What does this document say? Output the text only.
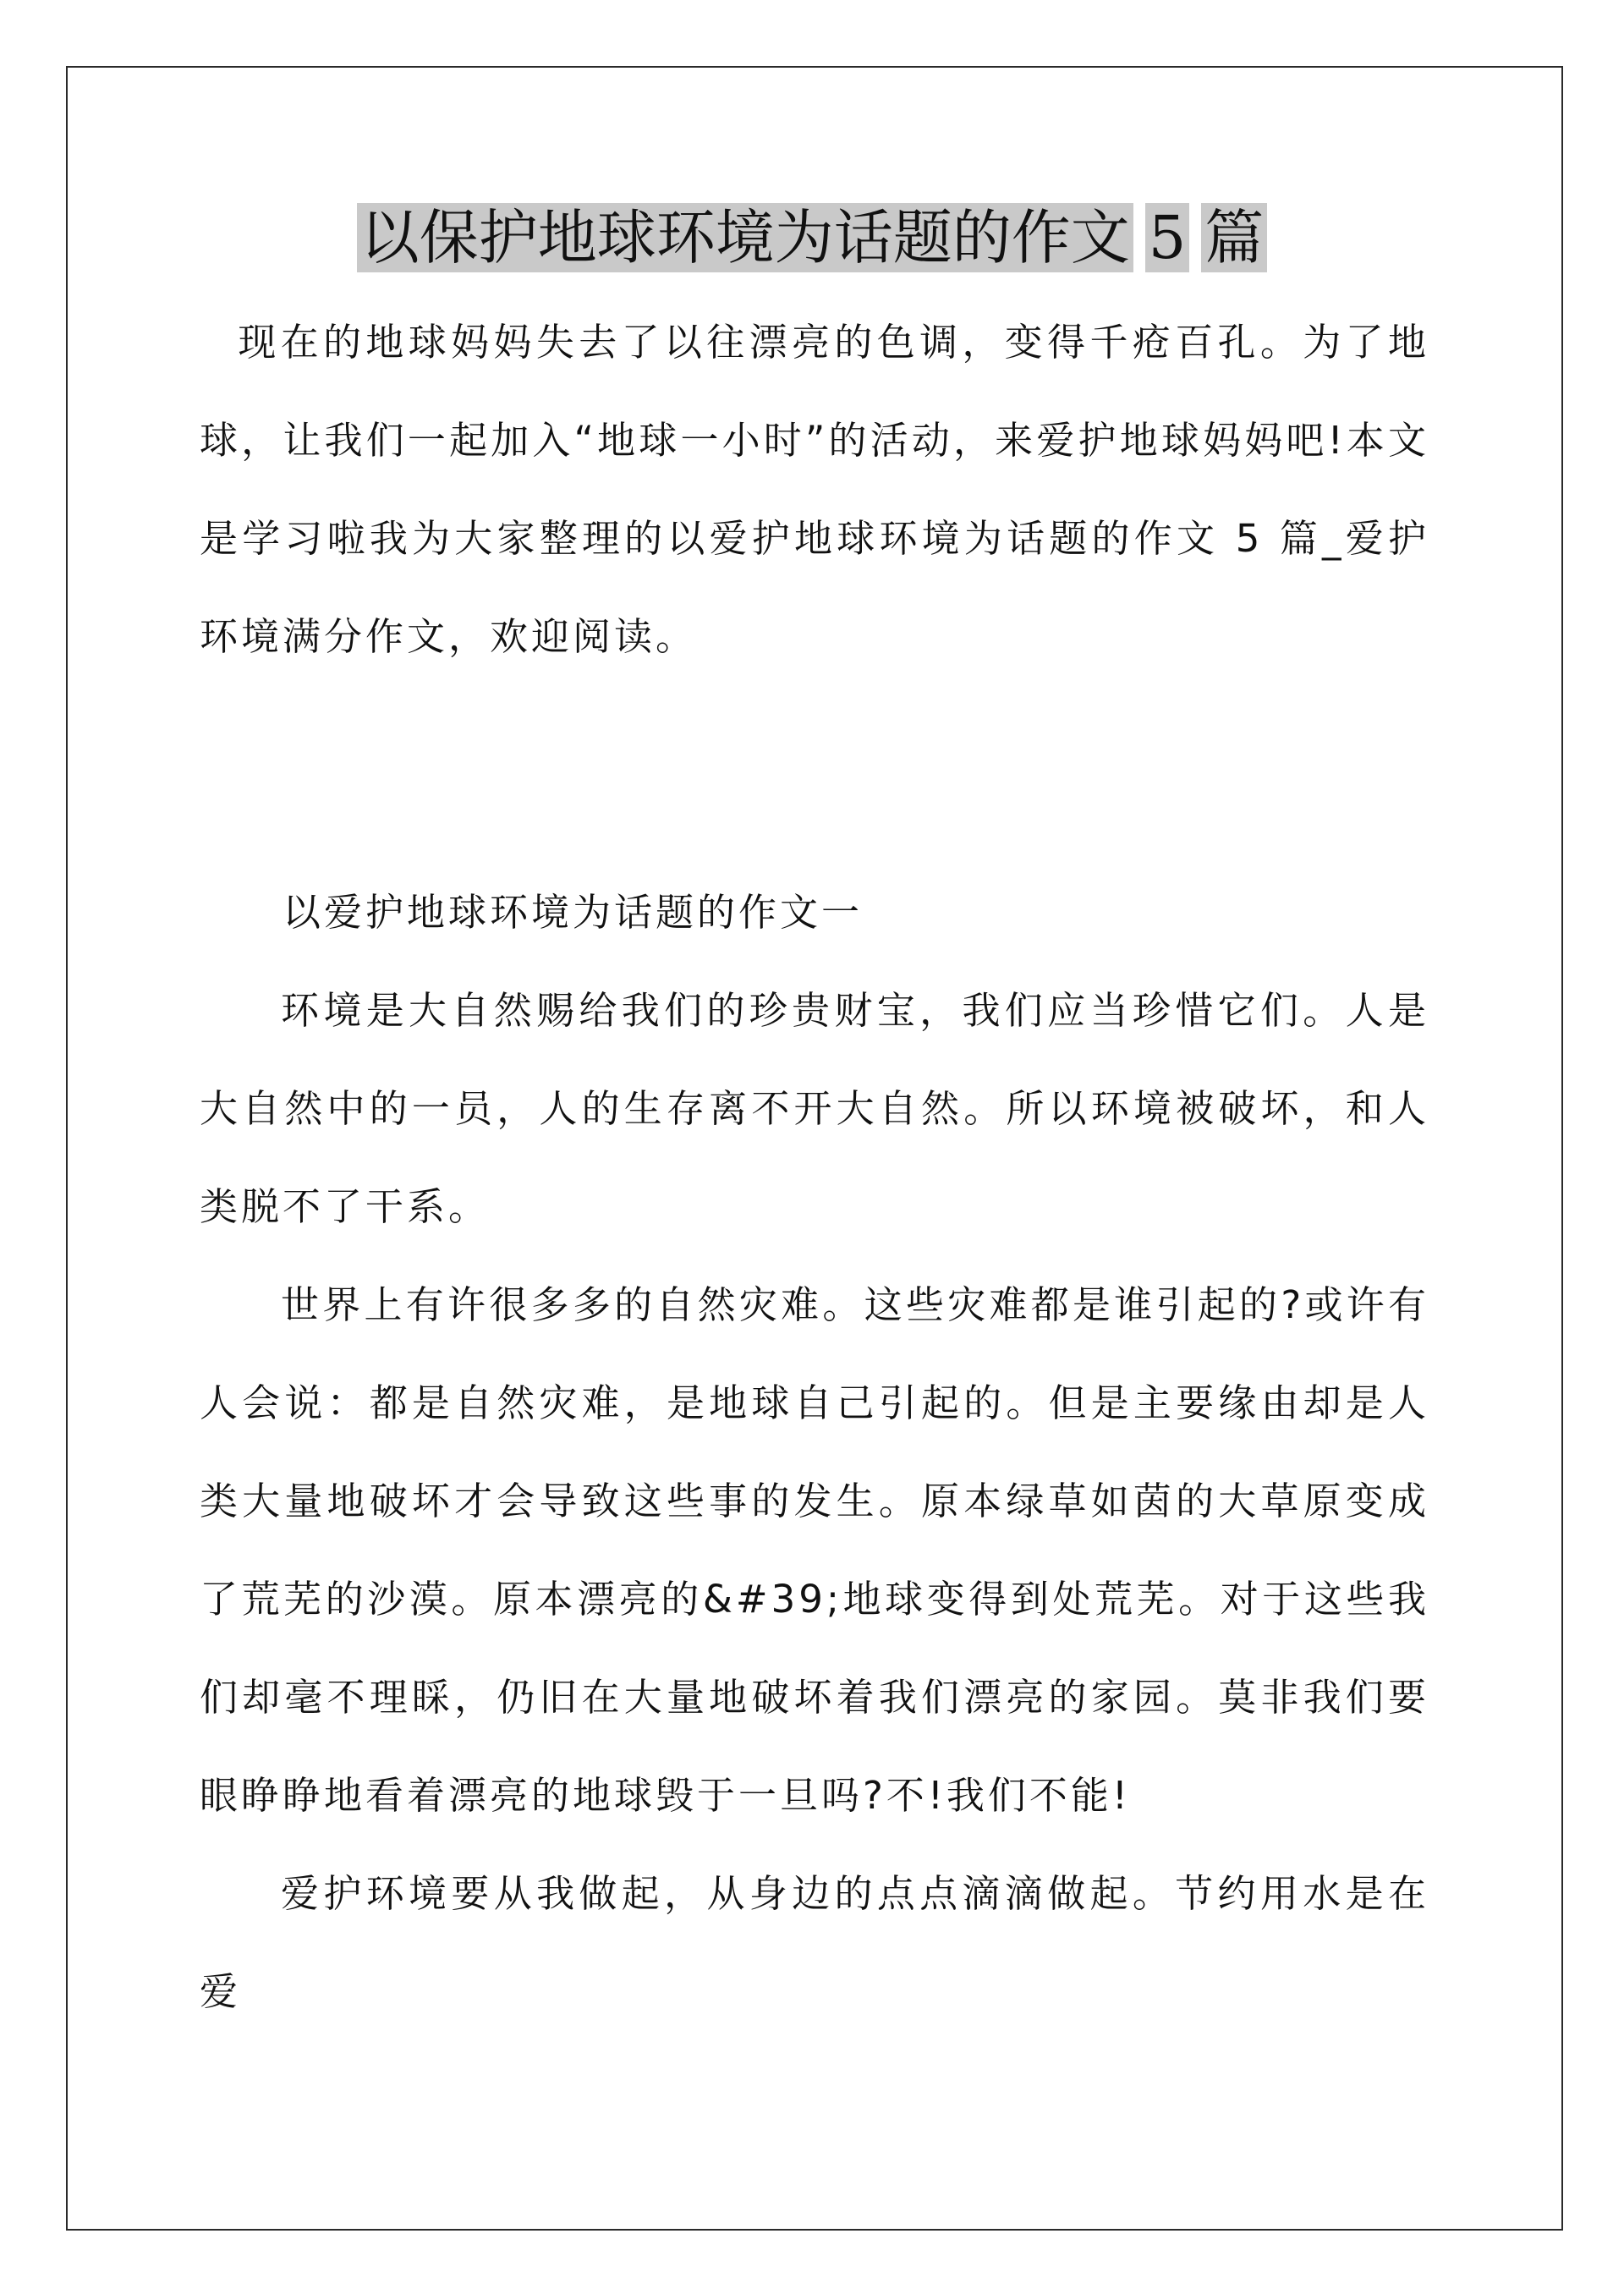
以保护地球环境为话题的作文 5 篇
现在的地球妈妈失去了以往漂亮的色调，变得千疮百孔。为了地球，让我们一起加入“地球一小时”的活动，来爱护地球妈妈吧!本文是学习啦我为大家整理的以爱护地球环境为话题的作文 5 篇_爱护环境满分作文，欢迎阅读。

以爱护地球环境为话题的作文一

环境是大自然赐给我们的珍贵财宝，我们应当珍惜它们。人是大自然中的一员，人的生存离不开大自然。所以环境被破坏，和人类脱不了干系。

世界上有许很多多的自然灾难。这些灾难都是谁引起的?或许有人会说：都是自然灾难，是地球自己引起的。但是主要缘由却是人类大量地破坏才会导致这些事的发生。原本绿草如茵的大草原变成了荒芜的沙漠。原本漂亮的&#39;地球变得到处荒芜。对于这些我们却毫不理睬，仍旧在大量地破坏着我们漂亮的家园。莫非我们要眼睁睁地看着漂亮的地球毁于一旦吗?不!我们不能!

爱护环境要从我做起，从身边的点点滴滴做起。节约用水是在爱
